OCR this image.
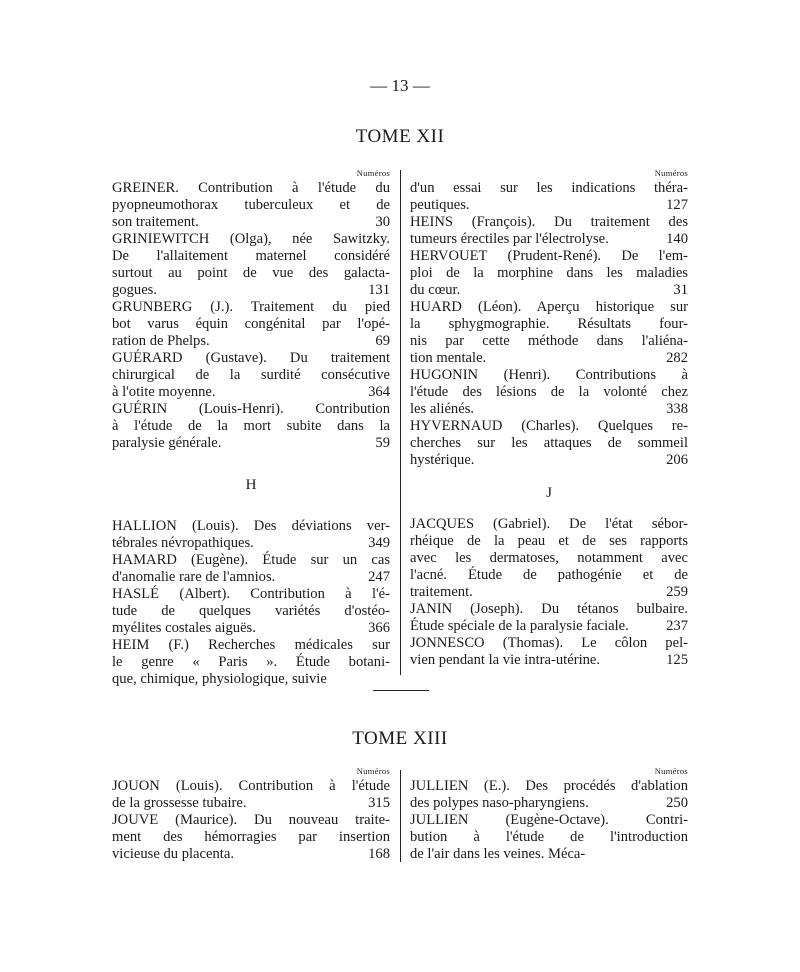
— 13 —
TOME XII
Numéros
GREINER. Contribution à l'étude du
pyopneumothorax tuberculeux et de
son traitement.	30
GRINIEWITCH (Olga), née Sawitzky.
De l'allaitement maternel considéré
surtout au point de vue des galacta-
gogues.	131
GRUNBERG (J.). Traitement du pied
bot varus équin congénital par l'opé-
ration de Phelps.	69
GUÉRARD (Gustave). Du traitement
chirurgical de la surdité consécutive
à l'otite moyenne.	364
GUÉRIN (Louis-Henri). Contribution
à l'étude de la mort subite dans la
paralysie générale.	59
H
HALLION (Louis). Des déviations ver-
tébrales névropathiques.	349
HAMARD (Eugène). Étude sur un cas
d'anomalie rare de l'amnios.	247
HASLÉ (Albert). Contribution à l'é-
tude de quelques variétés d'ostéo-
myélites costales aiguës.	366
HEIM (F.) Recherches médicales sur
le genre « Paris ». Étude botani-
que, chimique, physiologique, suivie
Numéros
d'un essai sur les indications théra-
peutiques.	127
HEINS (François). Du traitement des
tumeurs érectiles par l'électrolyse.	140
HERVOUET (Prudent-René). De l'em-
ploi de la morphine dans les maladies
du cœur.	31
HUARD (Léon). Aperçu historique sur
la sphygmographie. Résultats four-
nis par cette méthode dans l'aliéna-
tion mentale.	282
HUGONIN (Henri). Contributions à
l'étude des lésions de la volonté chez
les aliénés.	338
HYVERNAUD (Charles). Quelques re-
cherches sur les attaques de sommeil
hystérique.	206
J
JACQUES (Gabriel). De l'état sébor-
rhéique de la peau et de ses rapports
avec les dermatoses, notamment avec
l'acné. Étude de pathogénie et de
traitement.	259
JANIN (Joseph). Du tétanos bulbaire.
Étude spéciale de la paralysie faciale.	237
JONNESCO (Thomas). Le côlon pel-
vien pendant la vie intra-utérine.	125
TOME XIII
Numéros
JOUON (Louis). Contribution à l'étude
de la grossesse tubaire.	315
JOUVE (Maurice). Du nouveau traite-
ment des hémorragies par insertion
vicieuse du placenta.	168
Numéros
JULLIEN (E.). Des procédés d'ablation
des polypes naso-pharyngiens.	250
JULLIEN (Eugène-Octave). Contri-
bution à l'étude de l'introduction
de l'air dans les veines. Méca-
